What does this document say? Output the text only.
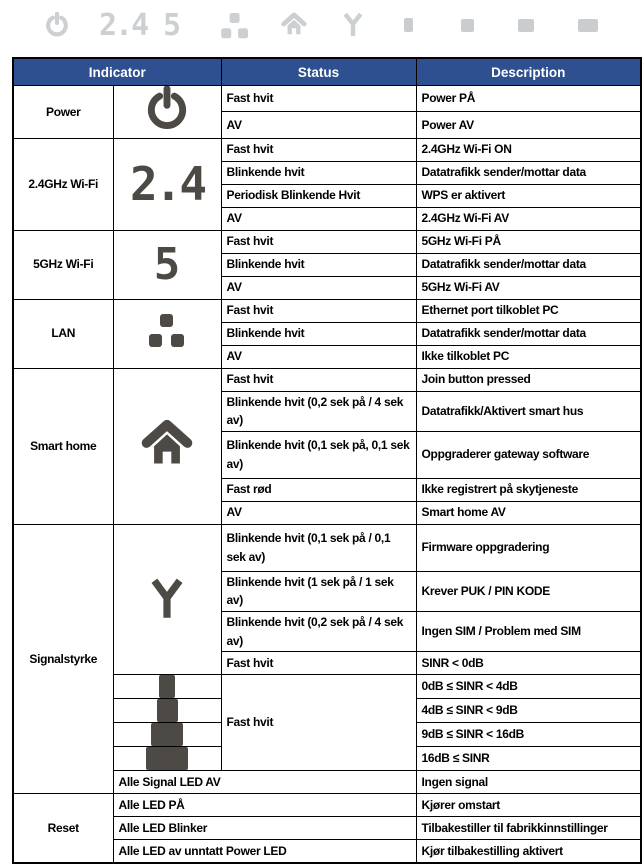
2.4 5
Indicator		Status	Description
Power		Fast hvit	Power PÅ
		AV	Power AV
2.4GHz Wi-Fi	2.4	Fast hvit	2.4GHz Wi-Fi ON
		Blinkende hvit	Datatrafikk sender/mottar data
		Periodisk Blinkende Hvit	WPS er aktivert
		AV	2.4GHz Wi-Fi AV
5GHz Wi-Fi	5	Fast hvit	5GHz Wi-Fi PÅ
		Blinkende hvit	Datatrafikk sender/mottar data
		AV	5GHz Wi-Fi AV
LAN		Fast hvit	Ethernet port tilkoblet PC
		Blinkende hvit	Datatrafikk sender/mottar data
		AV	Ikke tilkoblet PC
Smart home		Fast hvit	Join button pressed
		Blinkende hvit (0,2 sek på / 4 sek av)	Datatrafikk/Aktivert smart hus
		Blinkende hvit (0,1 sek på, 0,1 sek av)	Oppgraderer gateway software
		Fast rød	Ikke registrert på skytjeneste
		AV	Smart home AV
Signalstyrke		Blinkende hvit (0,1 sek på / 0,1 sek av)	Firmware oppgradering
		Blinkende hvit (1 sek på / 1 sek av)	Krever PUK / PIN KODE
		Blinkende hvit (0,2 sek på / 4 sek av)	Ingen SIM / Problem med SIM
		Fast hvit	SINR < 0dB

		Fast hvit	0dB ≤ SINR < 4dB

			4dB ≤ SINR < 9dB

			9dB ≤ SINR < 16dB

			16dB ≤ SINR
	Alle Signal LED AV		Ingen signal
Reset	Alle LED PÅ		Kjører omstart
	Alle LED Blinker		Tilbakestiller til fabrikkinnstillinger
	Alle LED av unntatt Power LED		Kjør tilbakestilling aktivert
